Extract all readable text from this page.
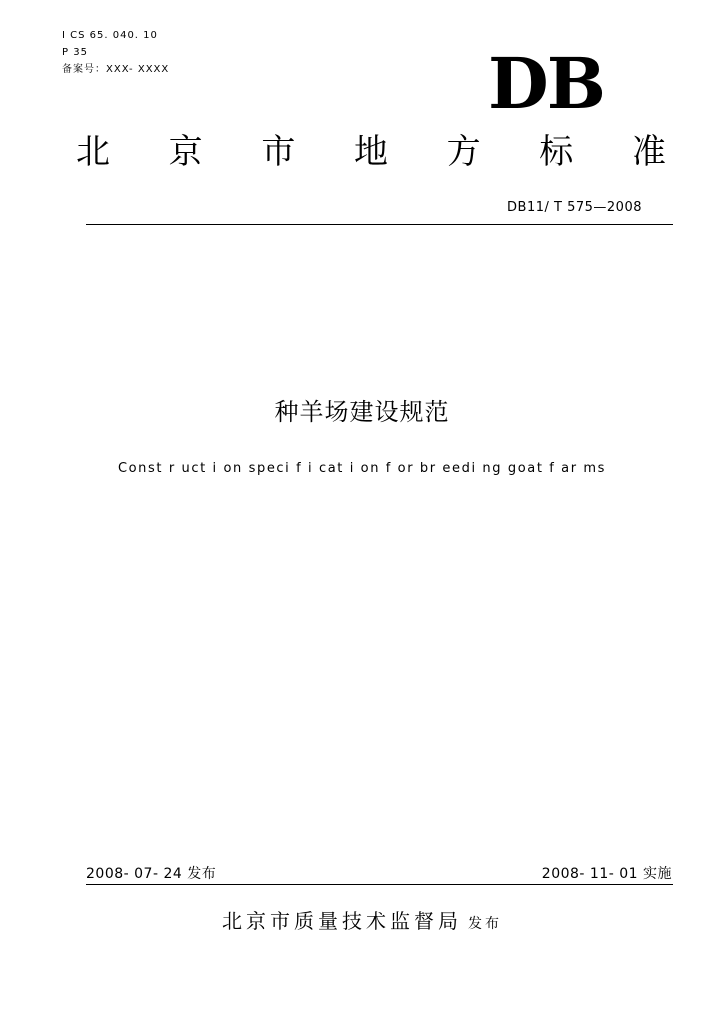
I CS 65. 040. 10
P 35
备案号：XXX- XXXX	DB
北 京 市 地 方 标 准
DB11/ T 575—2008
种羊场建设规范
Const r uct i on speci f i cat i on f or br eedi ng goat f ar ms
2008- 07- 24 发布	2008- 11- 01 实施
北京市质量技术监督局 发布
